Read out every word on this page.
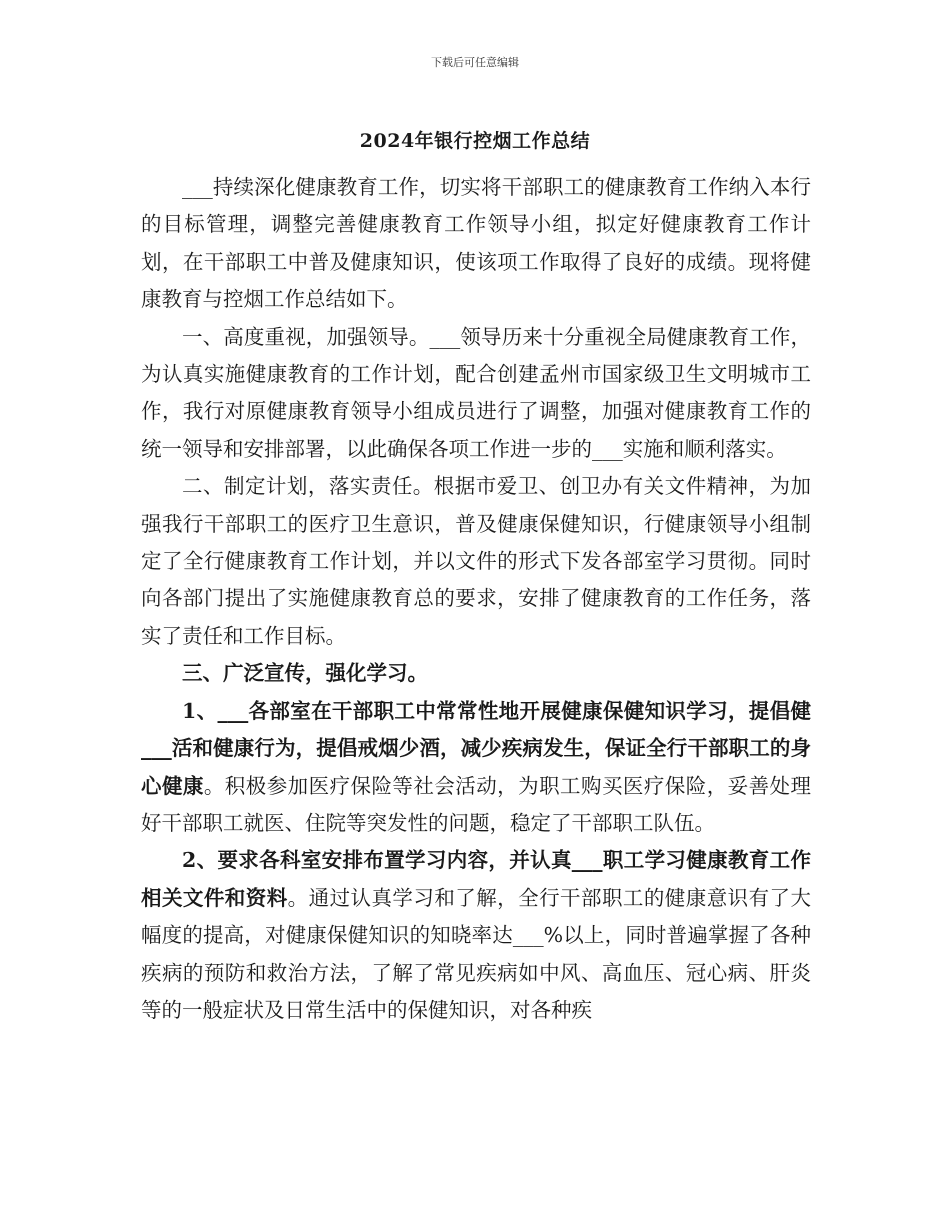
下载后可任意编辑
2024年银行控烟工作总结

___持续深化健康教育工作，切实将干部职工的健康教育工作纳入本行的目标管理，调整完善健康教育工作领导小组，拟定好健康教育工作计划，在干部职工中普及健康知识，使该项工作取得了良好的成绩。现将健康教育与控烟工作总结如下。

一、高度重视，加强领导。___领导历来十分重视全局健康教育工作，为认真实施健康教育的工作计划，配合创建孟州市国家级卫生文明城市工作，我行对原健康教育领导小组成员进行了调整，加强对健康教育工作的统一领导和安排部署，以此确保各项工作进一步的___实施和顺利落实。

二、制定计划，落实责任。根据市爱卫、创卫办有关文件精神，为加强我行干部职工的医疗卫生意识，普及健康保健知识，行健康领导小组制定了全行健康教育工作计划，并以文件的形式下发各部室学习贯彻。同时向各部门提出了实施健康教育总的要求，安排了健康教育的工作任务，落实了责任和工作目标。

三、广泛宣传，强化学习。

1、___各部室在干部职工中常常性地开展健康保健知识学习，提倡健___活和健康行为，提倡戒烟少酒，减少疾病发生，保证全行干部职工的身心健康。积极参加医疗保险等社会活动，为职工购买医疗保险，妥善处理好干部职工就医、住院等突发性的问题，稳定了干部职工队伍。

2、要求各科室安排布置学习内容，并认真___职工学习健康教育工作相关文件和资料。通过认真学习和了解，全行干部职工的健康意识有了大幅度的提高，对健康保健知识的知晓率达___%以上，同时普遍掌握了各种疾病的预防和救治方法，了解了常见疾病如中风、高血压、冠心病、肝炎等的一般症状及日常生活中的保健知识，对各种疾
